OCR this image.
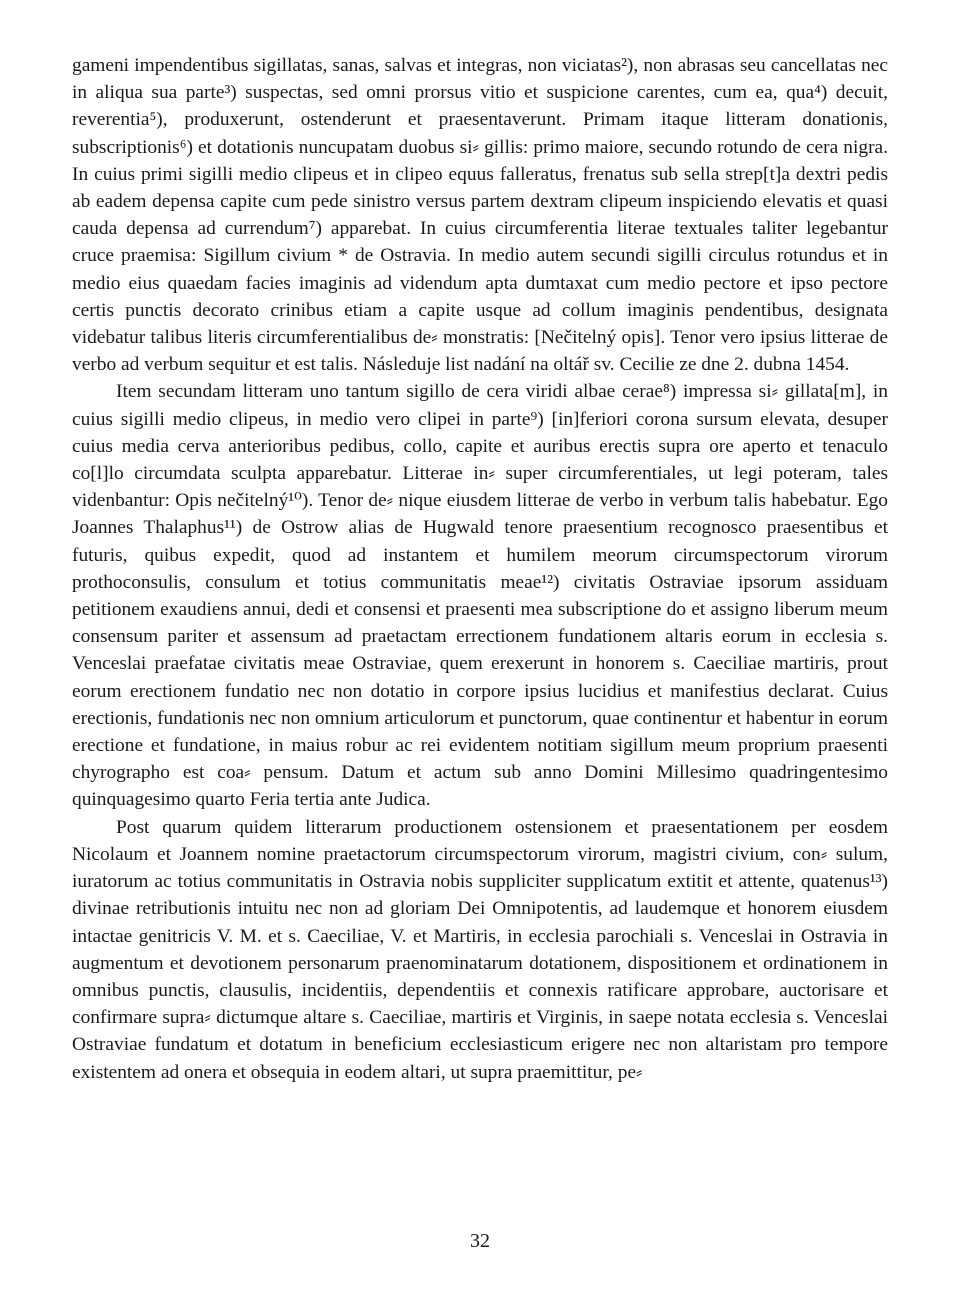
gameni impendentibus sigillatas, sanas, salvas et integras, non viciatas²), non abrasas seu cancellatas nec in aliqua sua parte³) suspectas, sed omni prorsus vitio et suspicione carentes, cum ea, qua⁴) decuit, reverentia⁵), produxerunt, ostenderunt et praesentaverunt. Primam itaque litteram donationis, subscriptionis⁶) et dotationis nuncupatam duobus si⸗ gillis: primo maiore, secundo rotundo de cera nigra. In cuius primi sigilli medio clipeus et in clipeo equus falleratus, frenatus sub sella strep[t]a dextri pedis ab eadem depensa capite cum pede sinistro versus partem dextram clipeum inspiciendo elevatis et quasi cauda depensa ad currendum⁷) apparebat. In cuius circumferentia literae textuales taliter legebantur cruce praemisa: Sigillum civium * de Ostravia. In medio autem secundi sigilli circulus rotundus et in medio eius quaedam facies imaginis ad videndum apta dumtaxat cum medio pectore et ipso pectore certis punctis decorato crinibus etiam a capite usque ad collum imaginis pendentibus, designata videbatur talibus literis circumferentialibus de⸗ monstratis: [Nečitelný opis]. Tenor vero ipsius litterae de verbo ad verbum sequitur et est talis. Následuje list nadání na oltář sv. Cecilie ze dne 2. dubna 1454.

Item secundam litteram uno tantum sigillo de cera viridi albae cerae⁸) impressa si⸗ gillata[m], in cuius sigilli medio clipeus, in medio vero clipei in parte⁹) [in]feriori corona sursum elevata, desuper cuius media cerva anterioribus pedibus, collo, capite et auribus erectis supra ore aperto et tenaculo co[l]lo circumdata sculpta apparebatur. Litterae in⸗ super circumferentiales, ut legi poteram, tales videnbantur: Opis nečitelný¹⁰). Tenor de⸗ nique eiusdem litterae de verbo in verbum talis habebatur. Ego Joannes Thalaphus¹¹) de Ostrow alias de Hugwald tenore praesentium recognosco praesentibus et futuris, quibus expedit, quod ad instantem et humilem meorum circumspectorum virorum prothoconsulis, consulum et totius communitatis meae¹²) civitatis Ostraviae ipsorum assiduam petitionem exaudiens annui, dedi et consensi et praesenti mea subscriptione do et assigno liberum meum consensum pariter et assensum ad praetactam errectionem fundationem altaris eorum in ecclesia s. Venceslai praefatae civitatis meae Ostraviae, quem erexerunt in honorem s. Caeciliae martiris, prout eorum erectionem fundatio nec non dotatio in corpore ipsius lucidius et manifestius declarat. Cuius erectionis, fundationis nec non omnium articulorum et punctorum, quae continentur et habentur in eorum erectione et fundatione, in maius robur ac rei evidentem notitiam sigillum meum proprium praesenti chyrographo est coa⸗ pensum. Datum et actum sub anno Domini Millesimo quadringentesimo quinquagesimo quarto Feria tertia ante Judica.

Post quarum quidem litterarum productionem ostensionem et praesentationem per eosdem Nicolaum et Joannem nomine praetactorum circumspectorum virorum, magistri civium, con⸗ sulum, iuratorum ac totius communitatis in Ostravia nobis suppliciter supplicatum extitit et attente, quatenus¹³) divinae retributionis intuitu nec non ad gloriam Dei Omnipotentis, ad laudemque et honorem eiusdem intactae genitricis V. M. et s. Caeciliae, V. et Martiris, in ecclesia parochiali s. Venceslai in Ostravia in augmentum et devotionem personarum praenominatarum dotationem, dispositionem et ordinationem in omnibus punctis, clausulis, incidentiis, dependentiis et connexis ratificare approbare, auctorisare et confirmare supra⸗ dictumque altare s. Caeciliae, martiris et Virginis, in saepe notata ecclesia s. Venceslai Ostraviae fundatum et dotatum in beneficium ecclesiasticum erigere nec non altaristam pro tempore existentem ad onera et obsequia in eodem altari, ut supra praemittitur, pe⸗

32
